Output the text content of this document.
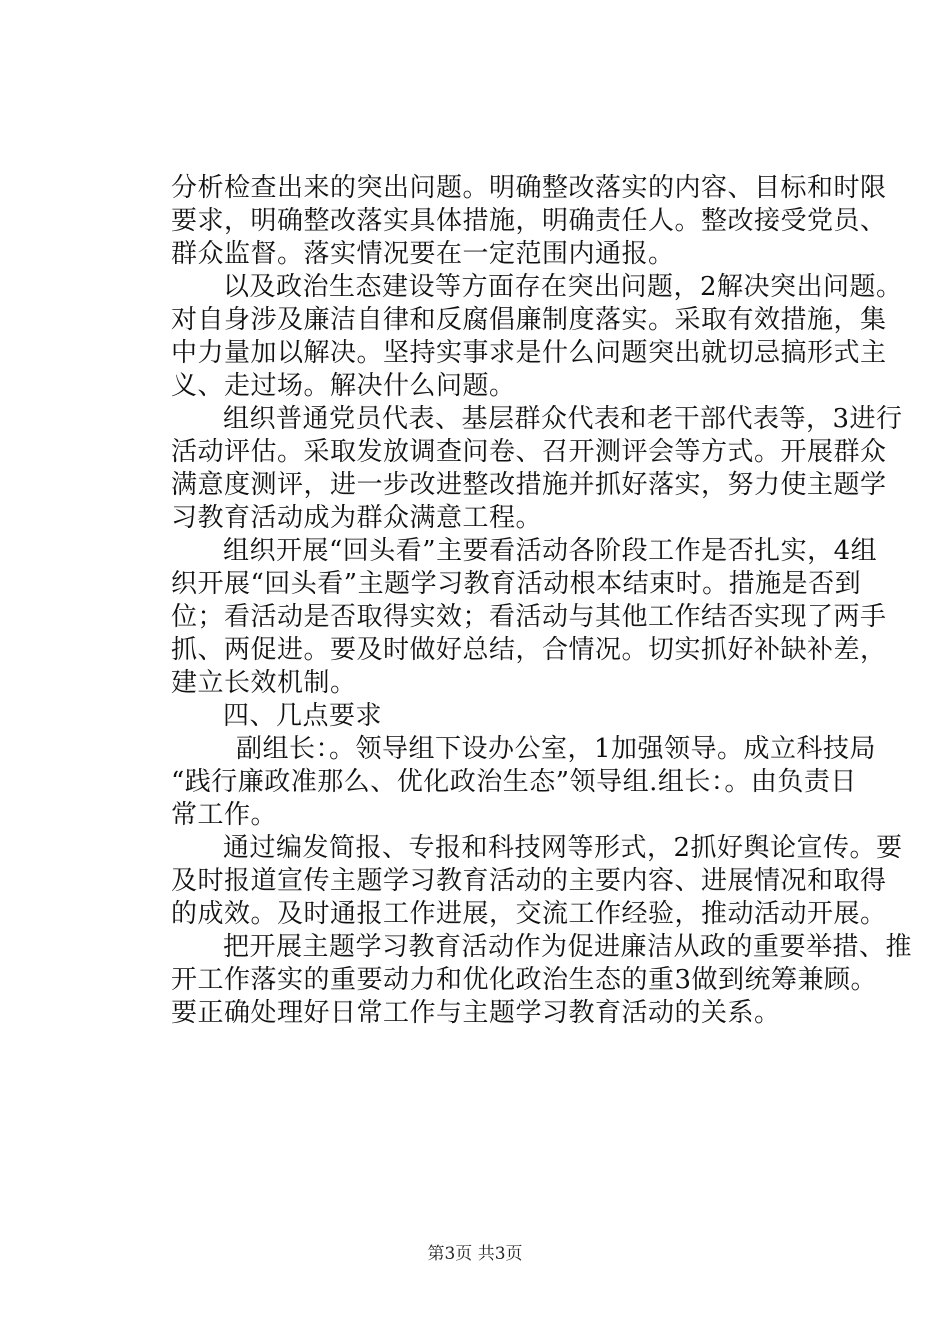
分析检查出来的突出问题。明确整改落实的内容、目标和时限
要求，明确整改落实具体措施，明确责任人。整改接受党员、
群众监督。落实情况要在一定范围内通报。
以及政治生态建设等方面存在突出问题，2解决突出问题。
对自身涉及廉洁自律和反腐倡廉制度落实。采取有效措施，集
中力量加以解决。坚持实事求是什么问题突出就切忌搞形式主
义、走过场。解决什么问题。
组织普通党员代表、基层群众代表和老干部代表等，3进行
活动评估。采取发放调查问卷、召开测评会等方式。开展群众
满意度测评，进一步改进整改措施并抓好落实，努力使主题学
习教育活动成为群众满意工程。
组织开展“回头看”主要看活动各阶段工作是否扎实，4组
织开展“回头看”主题学习教育活动根本结束时。措施是否到
位；看活动是否取得实效；看活动与其他工作结否实现了两手
抓、两促进。要及时做好总结，合情况。切实抓好补缺补差，
建立长效机制。
四、几点要求
副组长：。领导组下设办公室，1加强领导。成立科技局
“践行廉政准那么、优化政治生态”领导组.组长：。由负责日
常工作。
通过编发简报、专报和科技网等形式，2抓好舆论宣传。要
及时报道宣传主题学习教育活动的主要内容、进展情况和取得
的成效。及时通报工作进展，交流工作经验，推动活动开展。
把开展主题学习教育活动作为促进廉洁从政的重要举措、推
开工作落实的重要动力和优化政治生态的重3做到统筹兼顾。
要正确处理好日常工作与主题学习教育活动的关系。
第3页 共3页
